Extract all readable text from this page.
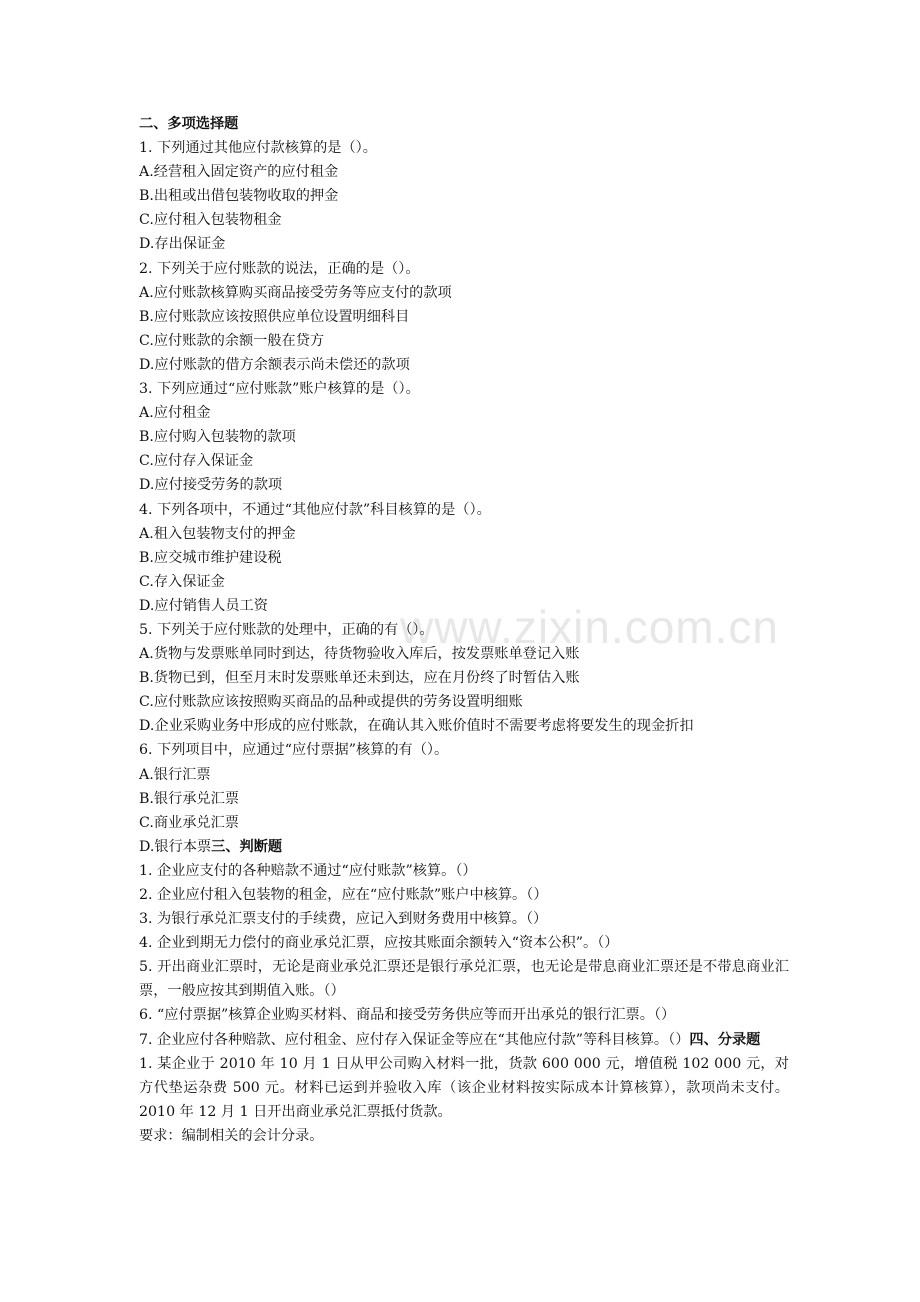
www.zixin.com.cn
二、多项选择题
1. 下列通过其他应付款核算的是（）。
A.经营租入固定资产的应付租金
B.出租或出借包装物收取的押金
C.应付租入包装物租金
D.存出保证金
2. 下列关于应付账款的说法，正确的是（）。
A.应付账款核算购买商品接受劳务等应支付的款项
B.应付账款应该按照供应单位设置明细科目
C.应付账款的余额一般在贷方
D.应付账款的借方余额表示尚未偿还的款项
3. 下列应通过“应付账款”账户核算的是（）。
A.应付租金
B.应付购入包装物的款项
C.应付存入保证金
D.应付接受劳务的款项
4. 下列各项中，不通过“其他应付款”科目核算的是（）。
A.租入包装物支付的押金
B.应交城市维护建设税
C.存入保证金
D.应付销售人员工资
5. 下列关于应付账款的处理中，正确的有（）。
A.货物与发票账单同时到达，待货物验收入库后，按发票账单登记入账
B.货物已到，但至月末时发票账单还未到达，应在月份终了时暂估入账
C.应付账款应该按照购买商品的品种或提供的劳务设置明细账
D.企业采购业务中形成的应付账款，在确认其入账价值时不需要考虑将要发生的现金折扣
6. 下列项目中，应通过“应付票据”核算的有（）。
A.银行汇票
B.银行承兑汇票
C.商业承兑汇票
D.银行本票三、判断题
1. 企业应支付的各种赔款不通过“应付账款”核算。（）
2. 企业应付租入包装物的租金，应在“应付账款”账户中核算。（）
3. 为银行承兑汇票支付的手续费，应记入到财务费用中核算。（）
4. 企业到期无力偿付的商业承兑汇票，应按其账面余额转入“资本公积”。（）
5. 开出商业汇票时，无论是商业承兑汇票还是银行承兑汇票，也无论是带息商业汇票还是不带息商业汇票，一般应按其到期值入账。（）
6. “应付票据”核算企业购买材料、商品和接受劳务供应等而开出承兑的银行汇票。（）
7. 企业应付各种赔款、应付租金、应付存入保证金等应在“其他应付款”等科目核算。（）四、分录题
1. 某企业于 2010 年 10 月 1 日从甲公司购入材料一批，货款 600 000 元，增值税 102 000 元，对方代垫运杂费 500 元。材料已运到并验收入库（该企业材料按实际成本计算核算），款项尚未支付。2010 年 12 月 1 日开出商业承兑汇票抵付货款。
要求：编制相关的会计分录。
